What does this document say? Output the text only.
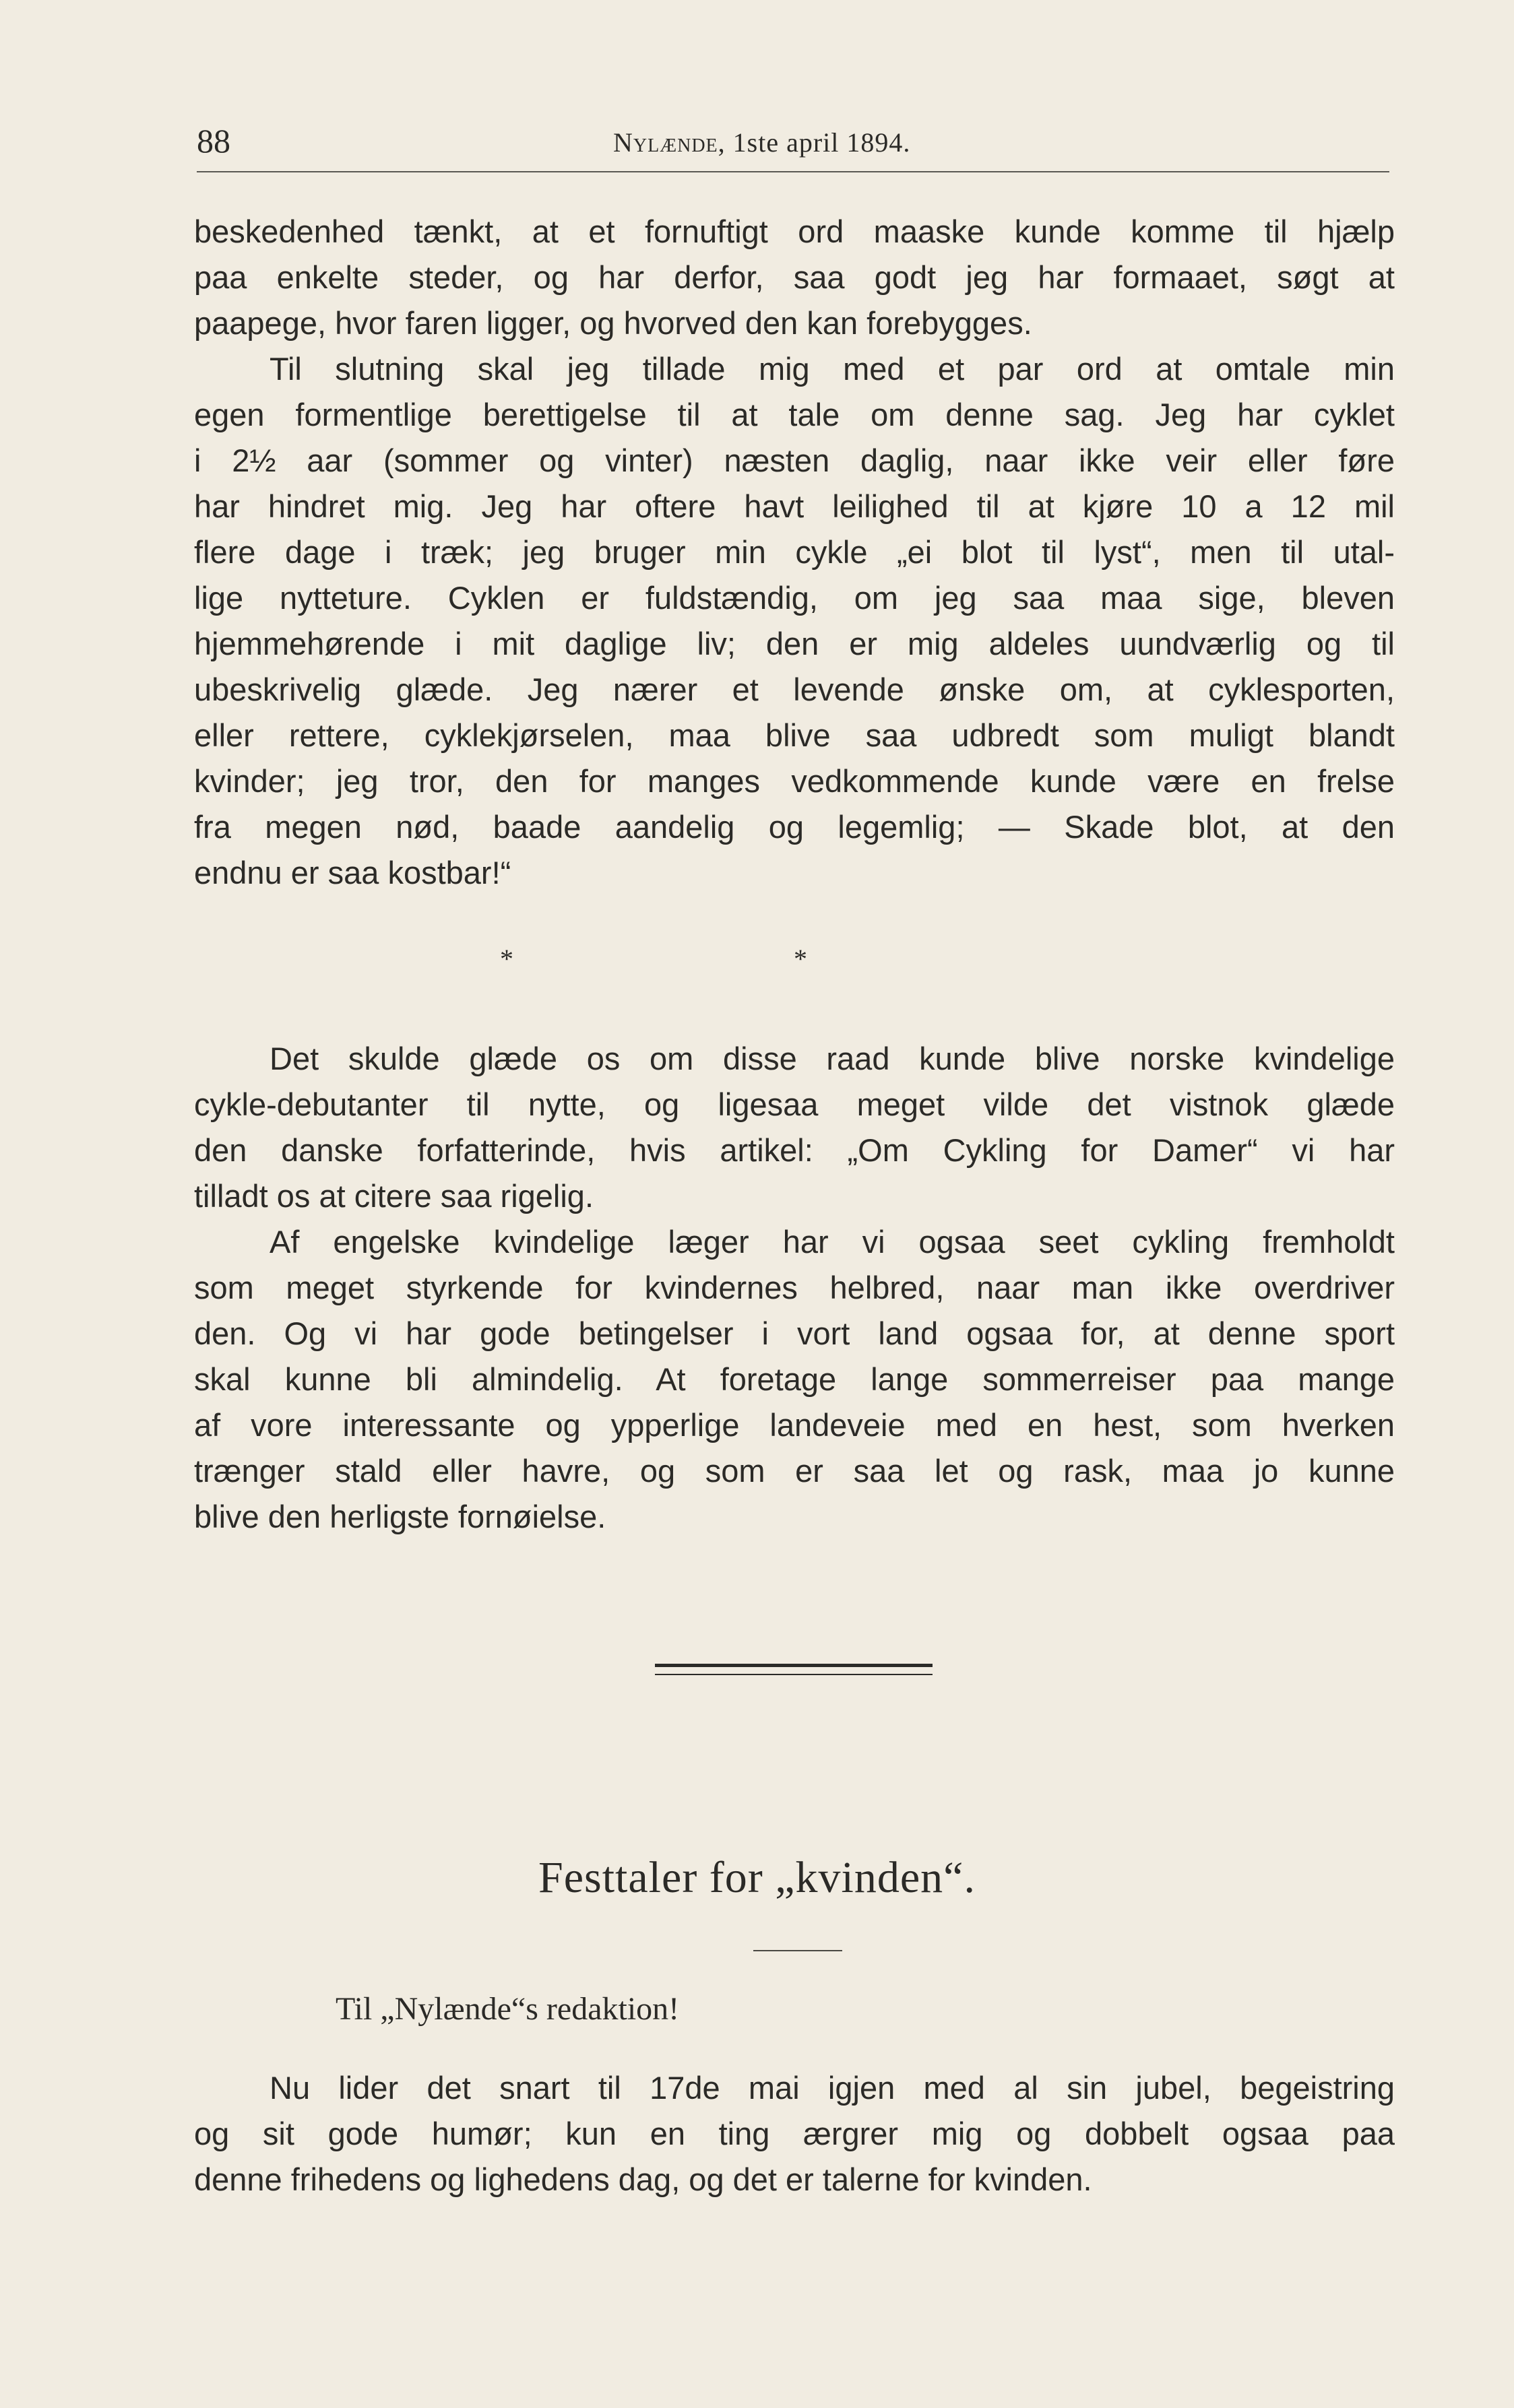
88	Nylænde, 1ste april 1894.
beskedenhed tænkt, at et fornuftigt ord maaske kunde komme til hjælp
paa enkelte steder, og har derfor, saa godt jeg har formaaet, søgt at
paapege, hvor faren ligger, og hvorved den kan forebygges.
Til slutning skal jeg tillade mig med et par ord at omtale min
egen formentlige berettigelse til at tale om denne sag. Jeg har cyklet
i 2½ aar (sommer og vinter) næsten daglig, naar ikke veir eller føre
har hindret mig. Jeg har oftere havt leilighed til at kjøre 10 a 12 mil
flere dage i træk; jeg bruger min cykle „ei blot til lyst“, men til utal-
lige nytteture. Cyklen er fuldstændig, om jeg saa maa sige, bleven
hjemmehørende i mit daglige liv; den er mig aldeles uundværlig og til
ubeskrivelig glæde. Jeg nærer et levende ønske om, at cyklesporten,
eller rettere, cyklekjørselen, maa blive saa udbredt som muligt blandt
kvinder; jeg tror, den for manges vedkommende kunde være en frelse
fra megen nød, baade aandelig og legemlig; — Skade blot, at den
endnu er saa kostbar!“
*	*
Det skulde glæde os om disse raad kunde blive norske kvindelige
cykle-debutanter til nytte, og ligesaa meget vilde det vistnok glæde
den danske forfatterinde, hvis artikel: „Om Cykling for Damer“ vi har
tilladt os at citere saa rigelig.
Af engelske kvindelige læger har vi ogsaa seet cykling fremholdt
som meget styrkende for kvindernes helbred, naar man ikke overdriver
den. Og vi har gode betingelser i vort land ogsaa for, at denne sport
skal kunne bli almindelig. At foretage lange sommerreiser paa mange
af vore interessante og ypperlige landeveie med en hest, som hverken
trænger stald eller havre, og som er saa let og rask, maa jo kunne
blive den herligste fornøielse.
Festtaler for „kvinden“.
Til „Nylænde“s redaktion!
Nu lider det snart til 17de mai igjen med al sin jubel, begeistring
og sit gode humør; kun en ting ærgrer mig og dobbelt ogsaa paa
denne frihedens og lighedens dag, og det er talerne for kvinden.
